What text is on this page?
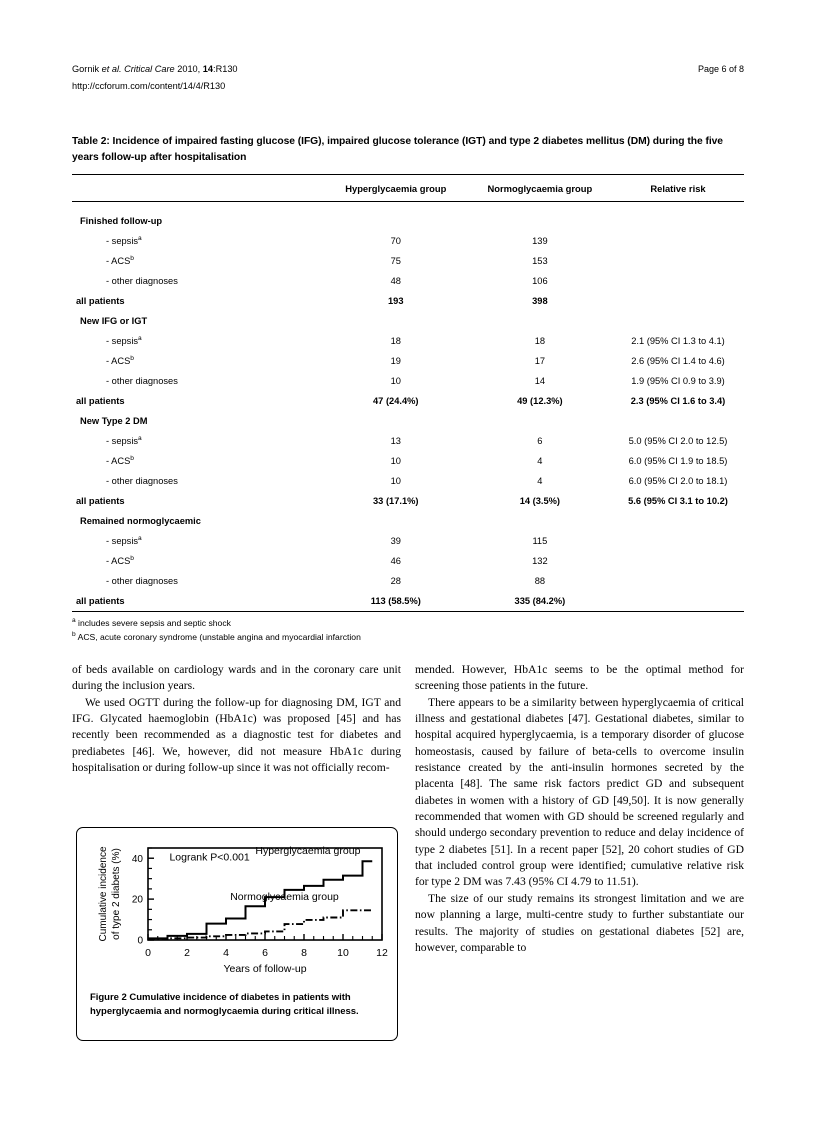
Gornik et al. Critical Care 2010, 14:R130	Page 6 of 8
http://ccforum.com/content/14/4/R130
Table 2: Incidence of impaired fasting glucose (IFG), impaired glucose tolerance (IGT) and type 2 diabetes mellitus (DM) during the five years follow-up after hospitalisation
	Hyperglycaemia group	Normoglycaemia group	Relative risk

Finished follow-up			
- sepsis$^a$	70	139	
- ACS$^b$	75	153	
- other diagnoses	48	106	
all patients	193	398	
New IFG or IGT			
- sepsis$^a$	18	18	2.1 (95% CI 1.3 to 4.1)
- ACS$^b$	19	17	2.6 (95% CI 1.4 to 4.6)
- other diagnoses	10	14	1.9 (95% CI 0.9 to 3.9)
all patients	47 (24.4%)	49 (12.3%)	2.3 (95% CI 1.6 to 3.4)
New Type 2 DM			
- sepsis$^a$	13	6	5.0 (95% CI 2.0 to 12.5)
- ACS$^b$	10	4	6.0 (95% CI 1.9 to 18.5)
- other diagnoses	10	4	6.0 (95% CI 2.0 to 18.1)
all patients	33 (17.1%)	14 (3.5%)	5.6 (95% CI 3.1 to 10.2)
Remained normoglycaemic			
- sepsis$^a$	39	115	
- ACS$^b$	46	132	
- other diagnoses	28	88	
all patients	113 (58.5%)	335 (84.2%)	
$^a$ includes severe sepsis and septic shock
$^b$ ACS, acute coronary syndrome (unstable angina and myocardial infarction

of beds available on cardiology wards and in the coronary care unit during the inclusion years.

We used OGTT during the follow-up for diagnosing DM, IGT and IFG. Glycated haemoglobin (HbA1c) was proposed [45] and has recently been recommended as a diagnostic test for diabetes and prediabetes [46]. We, however, did not measure HbA1c during hospitalisation or during follow-up since it was not officially recom-

mended. However, HbA1c seems to be the optimal method for screening those patients in the future.

There appears to be a similarity between hyperglycaemia of critical illness and gestational diabetes [47]. Gestational diabetes, similar to hospital acquired hyperglycaemia, is a temporary disorder of glucose homeostasis, caused by failure of beta-cells to overcome insulin resistance created by the anti-insulin hormones secreted by the placenta [48]. The same risk factors predict GD and subsequent diabetes in women with a history of GD [49,50]. It is now generally recommended that women with GD should be screened regularly and should undergo secondary prevention to reduce and delay incidence of type 2 diabetes [51]. In a recent paper [52], 20 cohort studies of GD that included control group were identified; cumulative relative risk for type 2 DM was 7.43 (95% CI 4.79 to 11.51).

The size of our study remains its strongest limitation and we are now planning a large, multi-centre study to further substantiate our results. The majority of studies on gestational diabetes [52] are, however, comparable to

0
20
40
0	2	4	6	8	10	12
Hyperglycaemia group
Normoglycaemia group
Logrank P<0.001
Years of follow-up
Cumulative incidence of type 2 diabets (%)
Figure 2 Cumulative incidence of diabetes in patients with hyperglycaemia and normoglycaemia during critical illness.
